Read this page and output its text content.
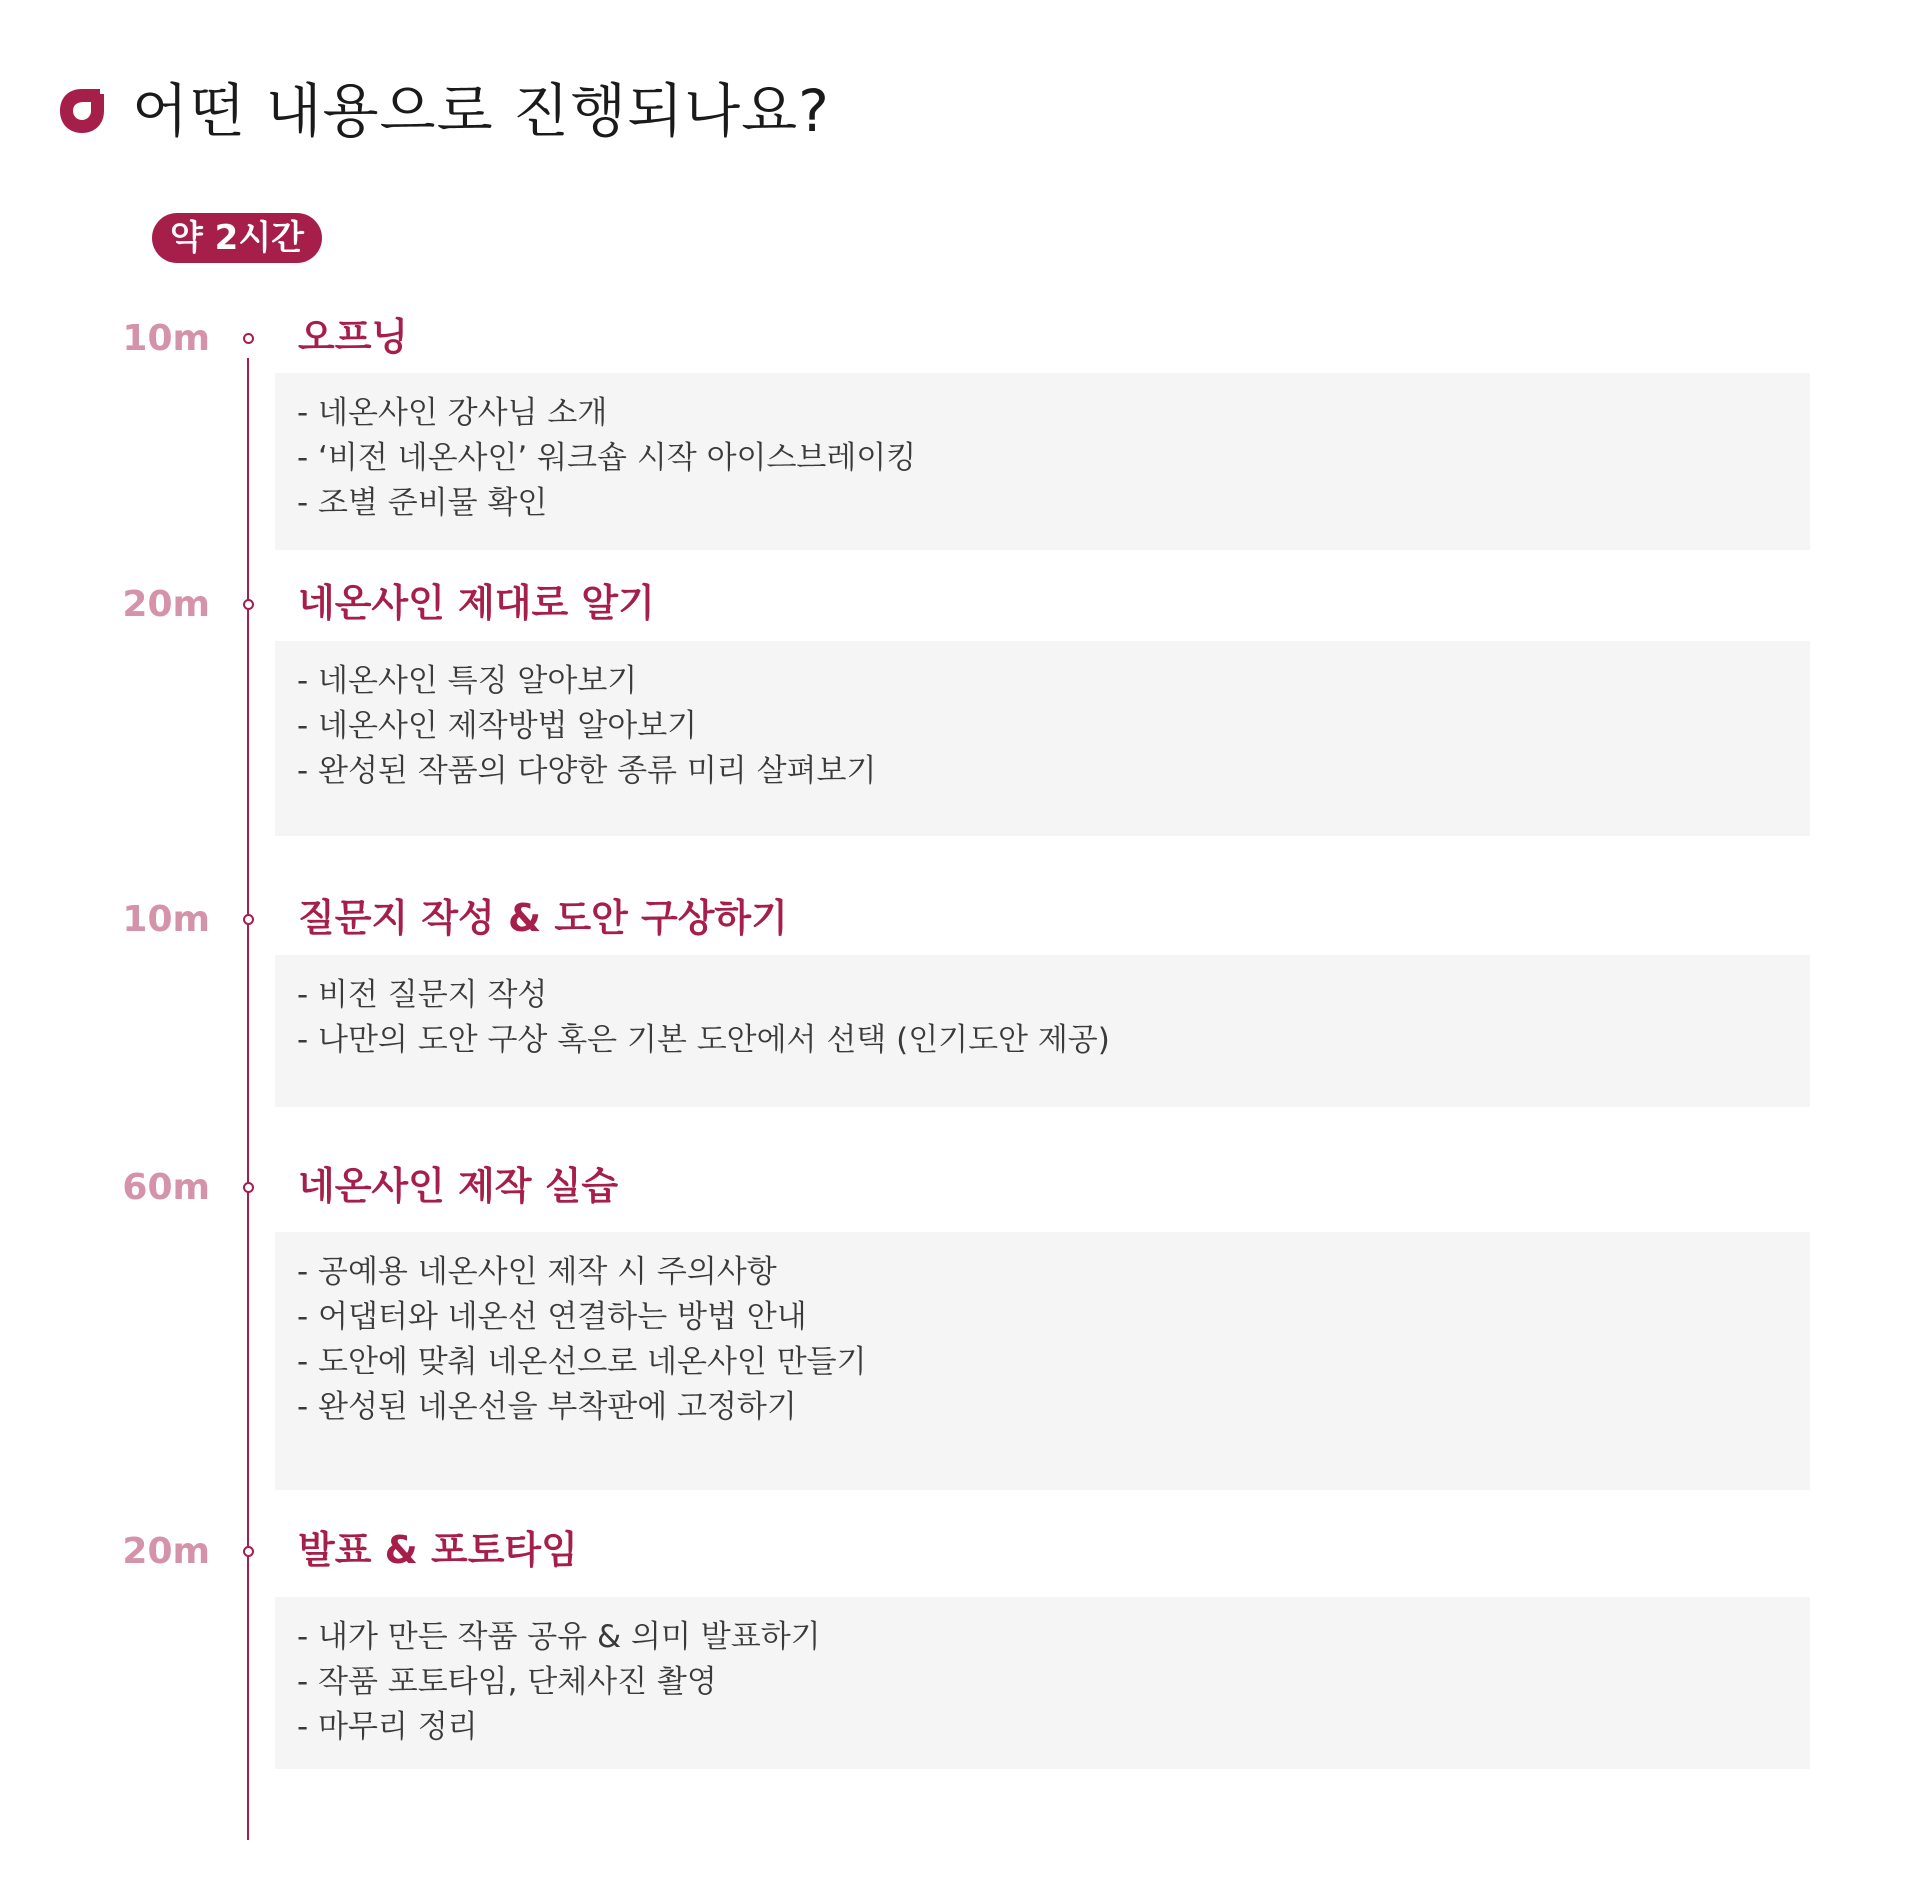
어떤 내용으로 진행되나요?
약 2시간
10m 오프닝
- 네온사인 강사님 소개
- ‘비전 네온사인’ 워크숍 시작 아이스브레이킹
- 조별 준비물 확인
20m 네온사인 제대로 알기
- 네온사인 특징 알아보기
- 네온사인 제작방법 알아보기
- 완성된 작품의 다양한 종류 미리 살펴보기
10m 질문지 작성 & 도안 구상하기
- 비전 질문지 작성
- 나만의 도안 구상 혹은 기본 도안에서 선택 (인기도안 제공)
60m 네온사인 제작 실습
- 공예용 네온사인 제작 시 주의사항
- 어댑터와 네온선 연결하는 방법 안내
- 도안에 맞춰 네온선으로 네온사인 만들기
- 완성된 네온선을 부착판에 고정하기
20m 발표 & 포토타임
- 내가 만든 작품 공유 & 의미 발표하기
- 작품 포토타임, 단체사진 촬영
- 마무리 정리
